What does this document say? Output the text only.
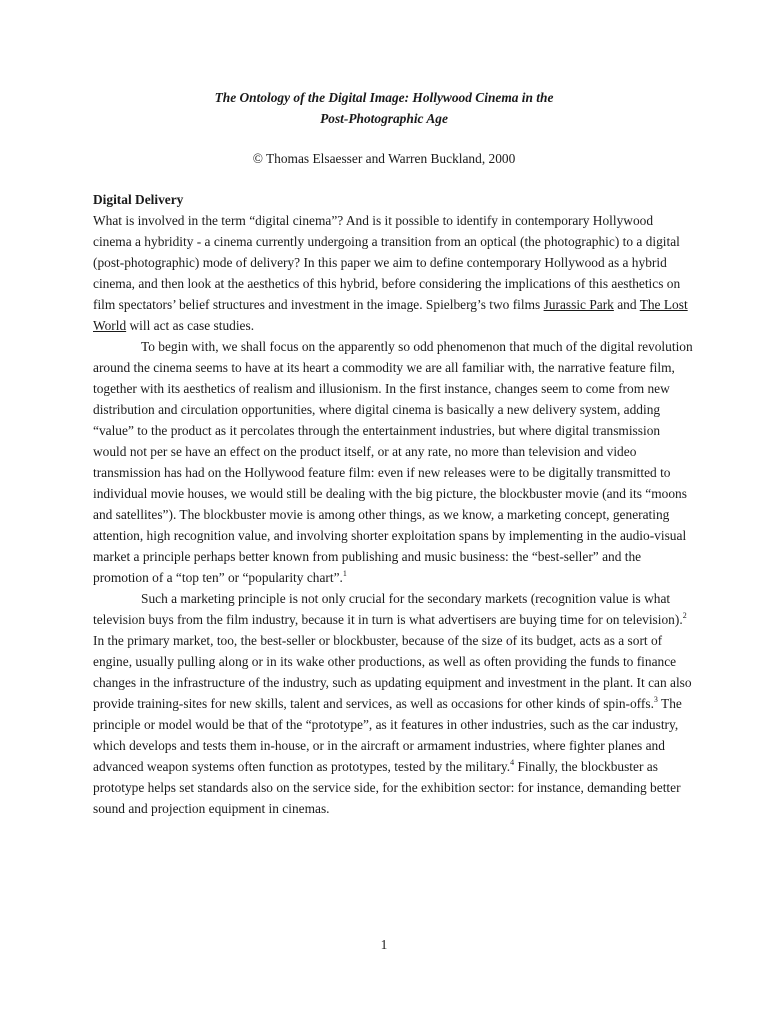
The Ontology of the Digital Image: Hollywood Cinema in the
Post-Photographic Age
© Thomas Elsaesser and Warren Buckland, 2000
Digital Delivery

What is involved in the term “digital cinema”? And is it possible to identify in contemporary Hollywood cinema a hybridity - a cinema currently undergoing a transition from an optical (the photographic) to a digital (post-photographic) mode of delivery? In this paper we aim to define contemporary Hollywood as a hybrid cinema, and then look at the aesthetics of this hybrid, before considering the implications of this aesthetics on film spectators’ belief structures and investment in the image. Spielberg’s two films Jurassic Park and The Lost World will act as case studies.

To begin with, we shall focus on the apparently so odd phenomenon that much of the digital revolution around the cinema seems to have at its heart a commodity we are all familiar with, the narrative feature film, together with its aesthetics of realism and illusionism. In the first instance, changes seem to come from new distribution and circulation opportunities, where digital cinema is basically a new delivery system, adding “value” to the product as it percolates through the entertainment industries, but where digital transmission would not per se have an effect on the product itself, or at any rate, no more than television and video transmission has had on the Hollywood feature film: even if new releases were to be digitally transmitted to individual movie houses, we would still be dealing with the big picture, the blockbuster movie (and its “moons and satellites”). The blockbuster movie is among other things, as we know, a marketing concept, generating attention, high recognition value, and involving shorter exploitation spans by implementing in the audio-visual market a principle perhaps better known from publishing and music business: the “best-seller” and the promotion of a “top ten” or “popularity chart”.$^1$

Such a marketing principle is not only crucial for the secondary markets (recognition value is what television buys from the film industry, because it in turn is what advertisers are buying time for on television).$^2$ In the primary market, too, the best-seller or blockbuster, because of the size of its budget, acts as a sort of engine, usually pulling along or in its wake other productions, as well as often providing the funds to finance changes in the infrastructure of the industry, such as updating equipment and investment in the plant. It can also provide training-sites for new skills, talent and services, as well as occasions for other kinds of spin-offs.$^3$ The principle or model would be that of the “prototype”, as it features in other industries, such as the car industry, which develops and tests them in-house, or in the aircraft or armament industries, where fighter planes and advanced weapon systems often function as prototypes, tested by the military.$^4$ Finally, the blockbuster as prototype helps set standards also on the service side, for the exhibition sector: for instance, demanding better sound and projection equipment in cinemas.

1
